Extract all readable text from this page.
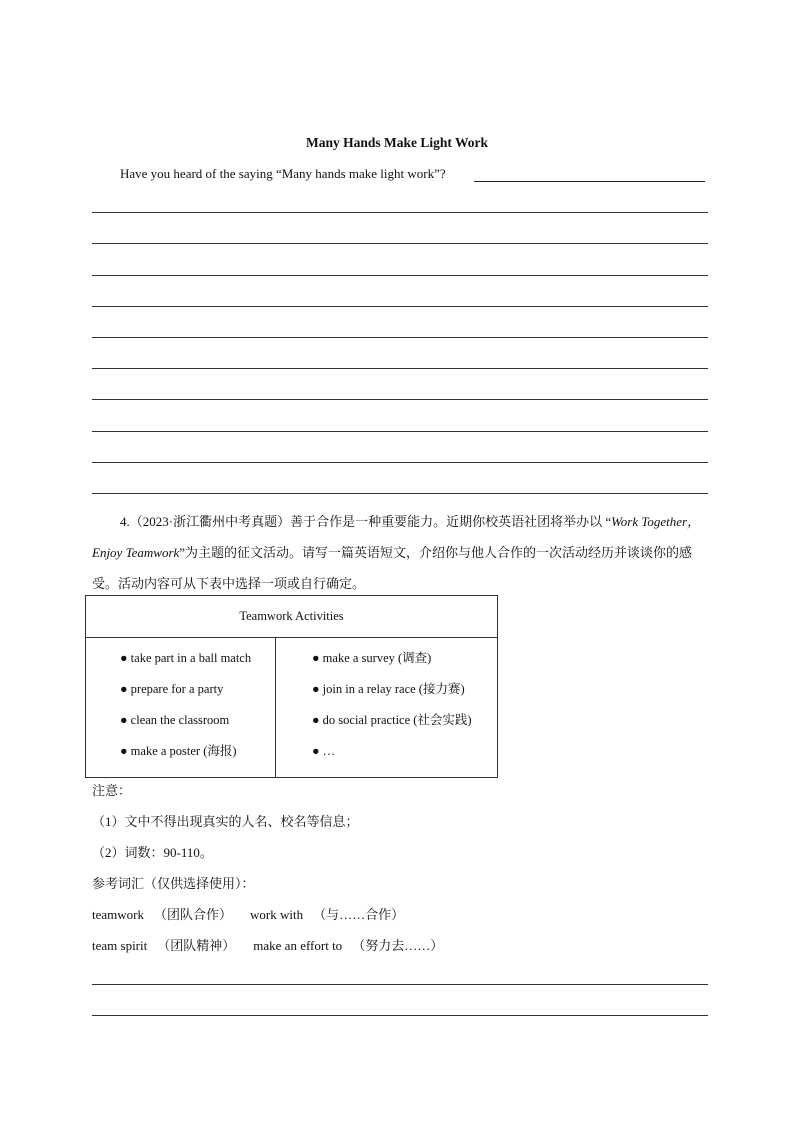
Many Hands Make Light Work
Have you heard of the saying “Many hands make light work”?
4.（2023·浙江衢州中考真题）善于合作是一种重要能力。近期你校英语社团将举办以 “Work Together，Enjoy Teamwork”为主题的征文活动。请写一篇英语短文，介绍你与他人合作的一次活动经历并谈谈你的感受。活动内容可从下表中选择一项或自行确定。
Teamwork Activities

● take part in a ball match
● prepare for a party
● clean the classroom
● make a poster (海报)

● make a survey (调查)
● join in a relay race (接力赛)
● do social practice (社会实践)
● …
注意：
（1）文中不得出现真实的人名、校名等信息；
（2）词数：90-110。
参考词汇（仅供选择使用）：
teamwork （团队合作） work with （与……合作）
team spirit （团队精神） make an effort to （努力去……）
